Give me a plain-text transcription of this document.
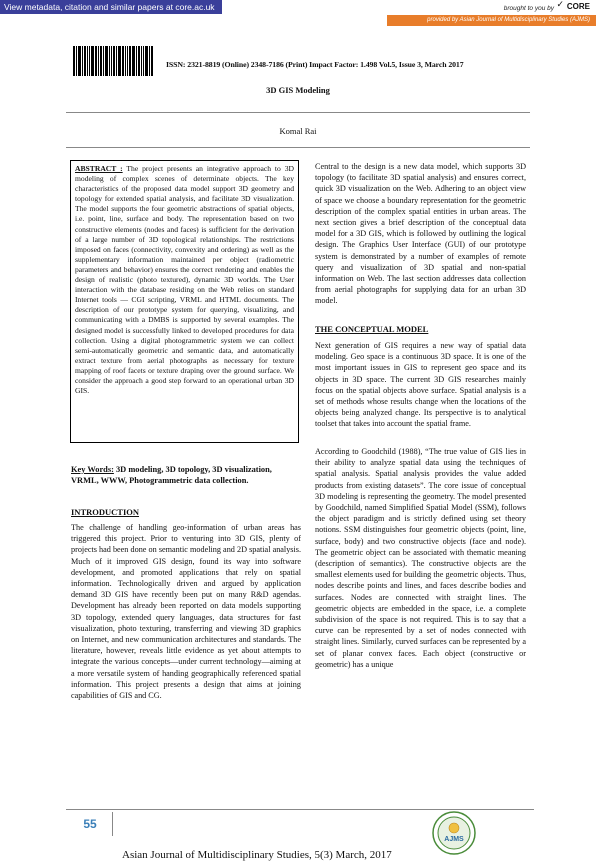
View metadata, citation and similar papers at core.ac.uk	brought to you by ✓ CORE
provided by Asian Journal of Multidisciplinary Studies (AJMS)
ISSN: 2321-8819 (Online) 2348-7186 (Print) Impact Factor: 1.498 Vol.5, Issue 3, March 2017
3D GIS Modeling
Komal Rai
ABSTRACT : The project presents an integrative approach to 3D modeling of complex scenes of determinate objects. The key characteristics of the proposed data model support 3D geometry and topology for extended spatial analysis, and facilitate 3D visualization. The model supports the four geometric abstractions of spatial objects, i.e. point, line, surface and body. The representation based on two constructive elements (nodes and faces) is sufficient for the derivation of a large number of 3D topological relationships. The restrictions imposed on faces (connectivity, convexity and ordering) as well as the supplementary information maintained per object (radiometric parameters and behavior) ensures the correct rendering and enables the design of realistic (photo textured), dynamic 3D worlds. The User interaction with the database residing on the Web relies on standard Internet tools — CGI scripting, VRML and HTML documents. The description of our prototype system for querying, visualizing, and communicating with a DMBS is supported by several examples. The designed model is successfully linked to developed procedures for data collection. Using a digital photogrammetric system we can collect semi-automatically geometric and semantic data, and automatically extract texture from aerial photographs as necessary for texture mapping of roof facets or texture draping over the ground surface. We consider the approach a good step forward to an operational urban 3D GIS.
Key Words: 3D modeling, 3D topology, 3D visualization, VRML, WWW, Photogrammetric data collection.
INTRODUCTION

The challenge of handling geo-information of urban areas has triggered this project. Prior to venturing into 3D GIS, plenty of projects had been done on semantic modeling and 2D spatial analysis. Much of it improved GIS design, found its way into software development, and promoted applications that rely on spatial information. Technologically driven and argued by application demand 3D GIS have recently been put on many R&D agendas. Development has already been reported on data models supporting 3D topology, extended query languages, data structures for fast visualization, photo texturing, transferring and viewing 3D graphics on Internet, and new communication architectures and standards. The literature, however, reveals little evidence as yet about attempts to integrate the various concepts—under current technology—aiming at a more versatile system of handing geographically referenced spatial information. This project presents a design that aims at joining capabilities of GIS and CG.

Central to the design is a new data model, which supports 3D topology (to facilitate 3D spatial analysis) and ensures correct, quick 3D visualization on the Web. Adhering to an object view of space we choose a boundary representation for the geometric description of the complex spatial entities in urban areas. The next section gives a brief description of the conceptual data model for a 3D GIS, which is followed by outlining the logical design. The Graphics User Interface (GUI) of our prototype system is demonstrated by a number of examples of remote query and visualization of 3D spatial and non-spatial information on Web. The last section addresses data collection from aerial photographs for supplying data for an urban 3D model.

THE CONCEPTUAL MODEL

Next generation of GIS requires a new way of spatial data modeling. Geo space is a continuous 3D space. It is one of the most important issues in GIS to represent geo space and its objects in 3D space. The current 3D GIS researches mainly focus on the spatial objects above surface. Spatial analysis is a set of methods whose results change when the locations of the objects being analyzed change. Its perspective is to analytical toolset that takes into account the spatial frame.

According to Goodchild (1988), “The true value of GIS lies in their ability to analyze spatial data using the techniques of spatial analysis. Spatial analysis provides the value added products from existing datasets”. The core issue of conceptual 3D modeling is representing the geometry. The model presented by Goodchild, named Simplified Spatial Model (SSM), follows the object paradigm and is strictly defined using set theory notions. SSM distinguishes four geometric objects (point, line, surface, body) and two constructive objects (face and node). The geometric object can be associated with thematic meaning (description of semantics). The constructive objects are the smallest elements used for building the geometric objects. Thus, nodes describe points and lines, and faces describe bodies and surfaces. Nodes are connected with straight lines. The geometric objects are embedded in the space, i.e. a complete subdivision of the space is not required. This is to say that a curve can be represented by a set of nodes connected with straight lines. Similarly, curved surfaces can be represented by a set of planar convex faces. Each object (constructive or geometric) has a unique

55
Asian Journal of Multidisciplinary Studies, 5(3) March, 2017
AJMS
